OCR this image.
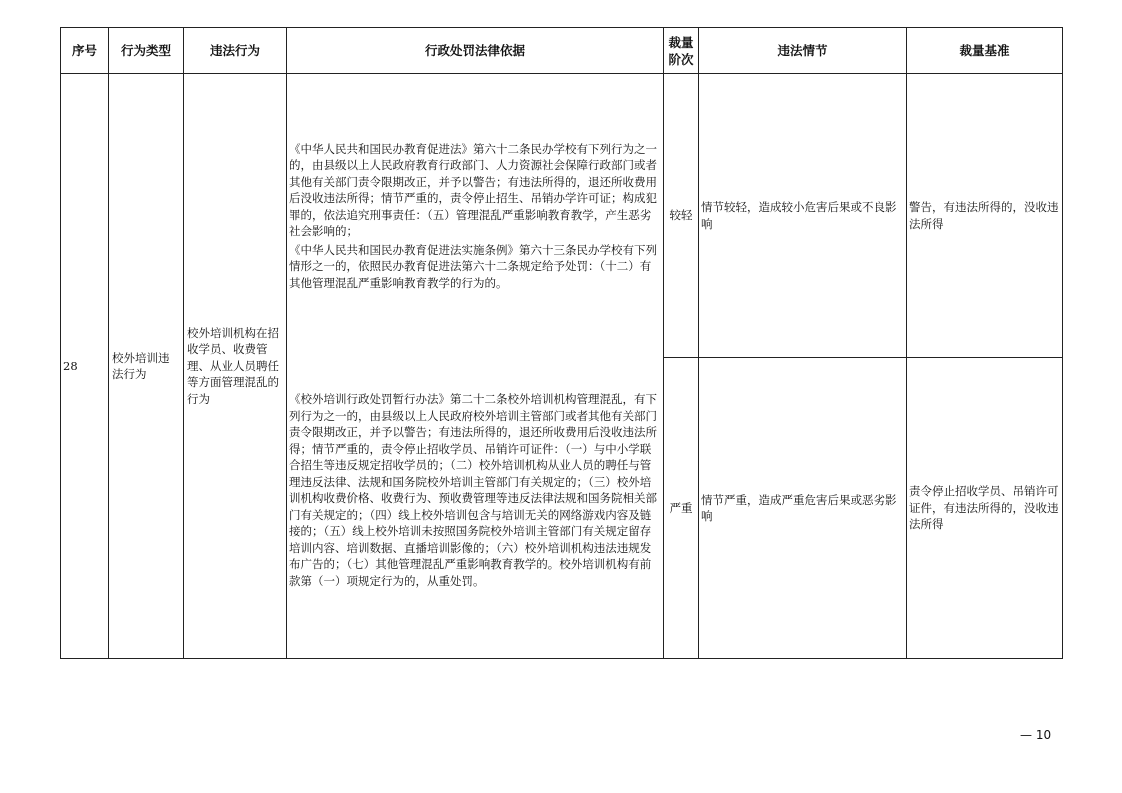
序号	行为类型	违法行为	行政处罚法律依据	裁量阶次	违法情节	裁量基准
28	校外培训违法行为	校外培训机构在招收学员、收费管理、从业人员聘任等方面管理混乱的行为	《中华人民共和国民办教育促进法》第六十二条民办学校有下列行为之一的，由县级以上人民政府教育行政部门、人力资源社会保障行政部门或者其他有关部门责令限期改正，并予以警告；有违法所得的，退还所收费用后没收违法所得；情节严重的，责令停止招生、吊销办学许可证；构成犯罪的，依法追究刑事责任：（五）管理混乱严重影响教育教学，产生恶劣社会影响的；

《中华人民共和国民办教育促进法实施条例》第六十三条民办学校有下列情形之一的，依照民办教育促进法第六十二条规定给予处罚：（十二）有其他管理混乱严重影响教育教学的行为的。

《校外培训行政处罚暂行办法》第二十二条校外培训机构管理混乱，有下列行为之一的，由县级以上人民政府校外培训主管部门或者其他有关部门责令限期改正，并予以警告；有违法所得的，退还所收费用后没收违法所得；情节严重的，责令停止招收学员、吊销许可证件：（一）与中小学联合招生等违反规定招收学员的；（二）校外培训机构从业人员的聘任与管理违反法律、法规和国务院校外培训主管部门有关规定的；（三）校外培训机构收费价格、收费行为、预收费管理等违反法律法规和国务院相关部门有关规定的；（四）线上校外培训包含与培训无关的网络游戏内容及链接的；（五）线上校外培训未按照国务院校外培训主管部门有关规定留存培训内容、培训数据、直播培训影像的；（六）校外培训机构违法违规发布广告的；（七）其他管理混乱严重影响教育教学的。校外培训机构有前款第（一）项规定行为的，从重处罚。	较轻	情节较轻，造成较小危害后果或不良影响	警告，有违法所得的，没收违法所得
				严重	情节严重，造成严重危害后果或恶劣影响	责令停止招收学员、吊销许可证件，有违法所得的，没收违法所得
— 10
